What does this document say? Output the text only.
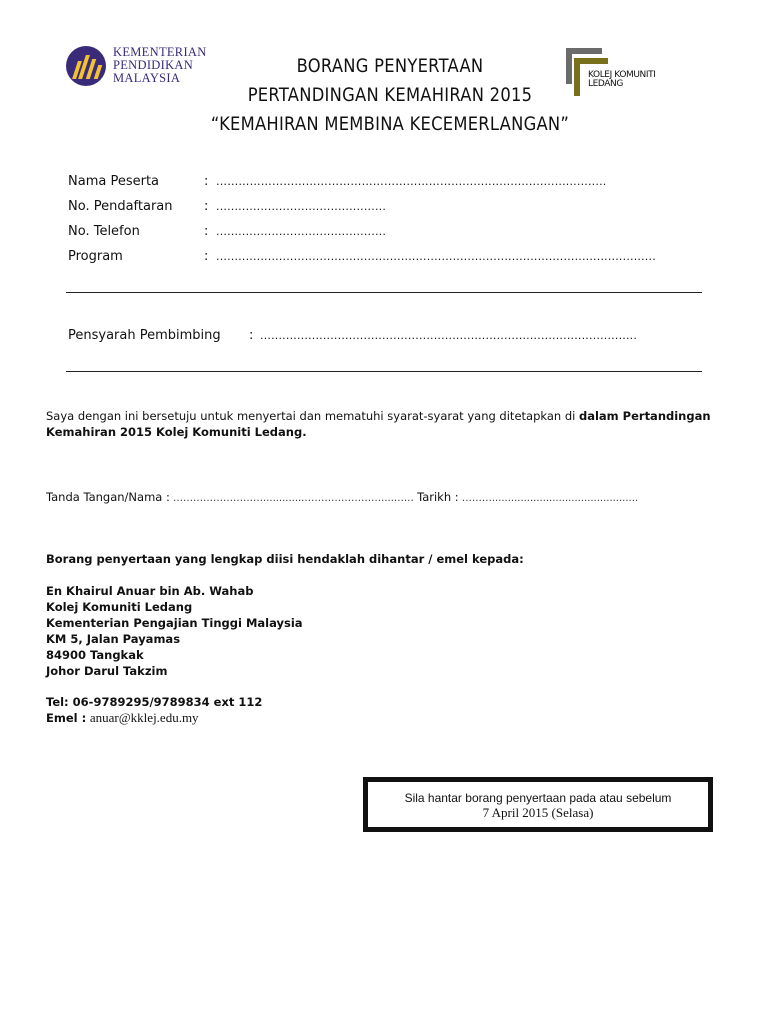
KEMENTERIAN
PENDIDIKAN
MALAYSIA
BORANG PENYERTAAN
PERTANDINGAN KEMAHIRAN 2015
“KEMAHIRAN MEMBINA KECEMERLANGAN”
KOLEJ KOMUNITI
LEDANG
Nama Peserta	: ………………………………………………………..........................................
No. Pendaftaran : ..............................................
No. Telefon	: ..............................................
Program	: .......................................................................................................................
Pensyarah Pembimbing : ......................................................................................................
Saya dengan ini bersetuju untuk menyertai dan mematuhi syarat-syarat yang ditetapkan di dalam Pertandingan Kemahiran 2015 Kolej Komuniti Ledang.
Tanda Tangan/Nama : ……………………….............……………………...…… Tarikh : ………..............................................
Borang penyertaan yang lengkap diisi hendaklah dihantar / emel kepada:
En Khairul Anuar bin Ab. Wahab
Kolej Komuniti Ledang
Kementerian Pengajian Tinggi Malaysia
KM 5, Jalan Payamas
84900 Tangkak
Johor Darul Takzim
Tel: 06-9789295/9789834 ext 112
Emel : anuar@kklej.edu.my
Sila hantar borang penyertaan pada atau sebelum
7 April 2015 (Selasa)
